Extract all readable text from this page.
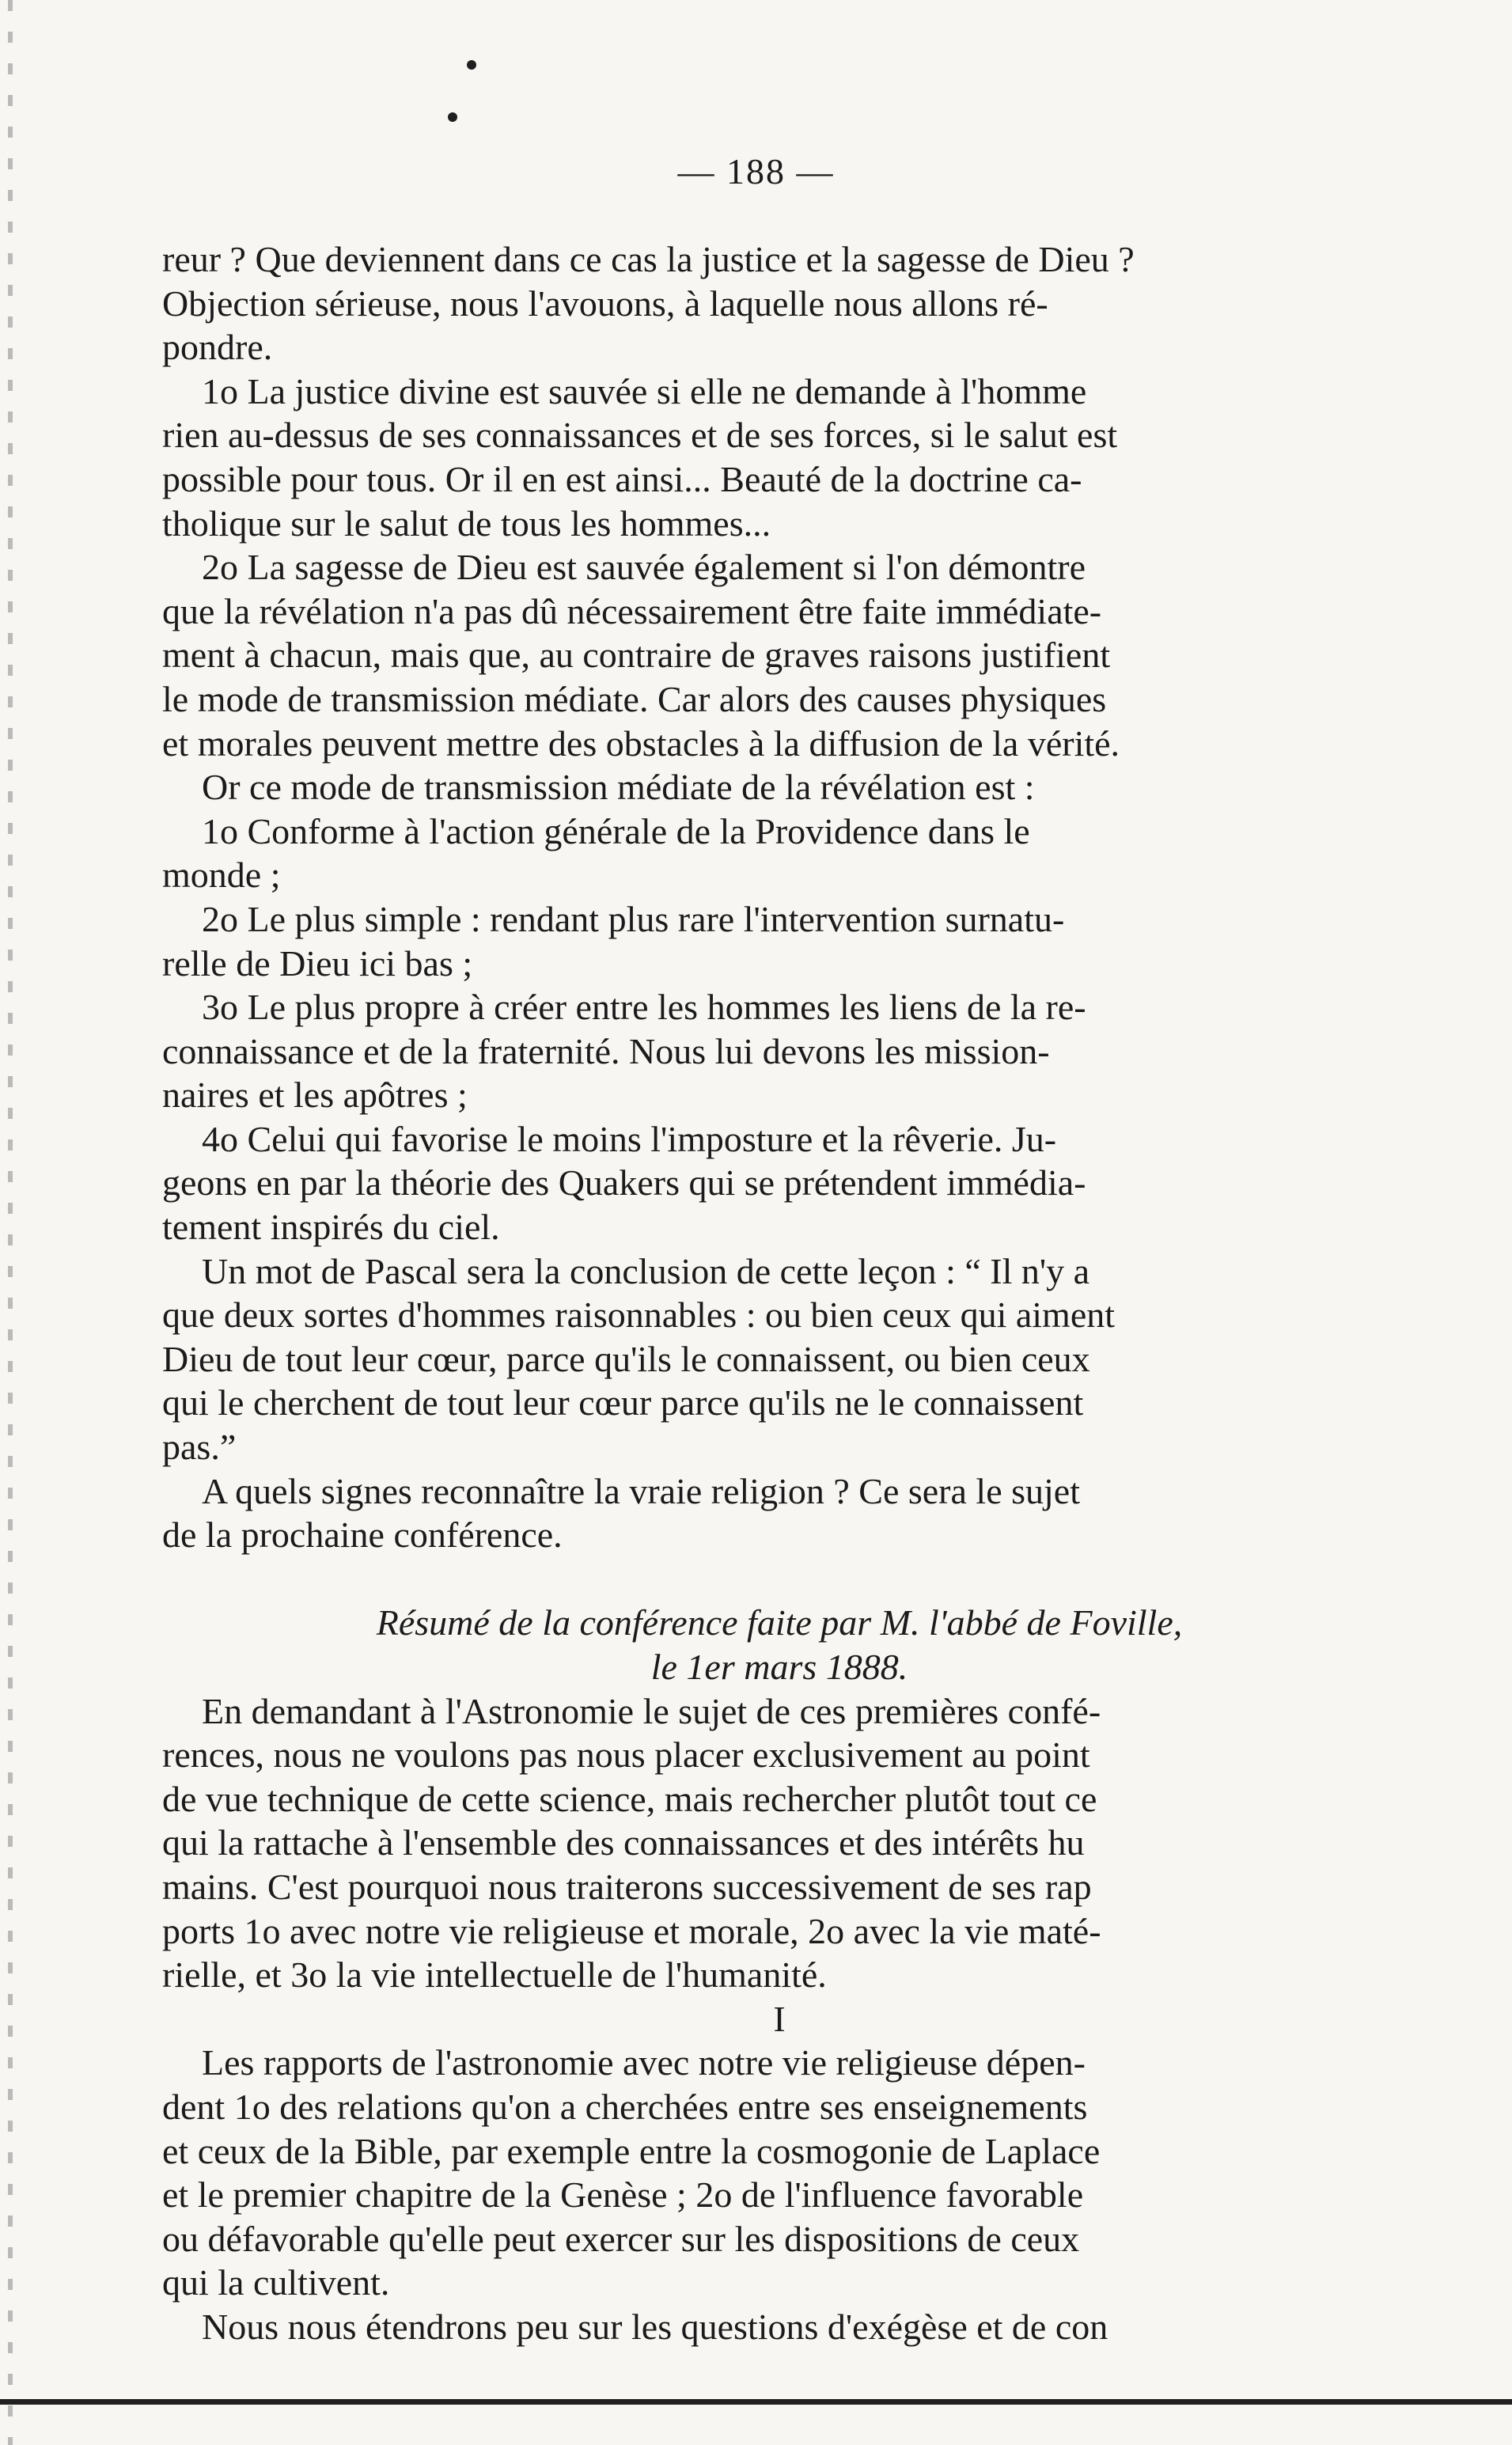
— 188 —
reur ? Que deviennent dans ce cas la justice et la sagesse de Dieu ?
Objection sérieuse, nous l'avouons, à laquelle nous allons ré-
pondre.
1o La justice divine est sauvée si elle ne demande à l'homme
rien au-dessus de ses connaissances et de ses forces, si le salut est
possible pour tous. Or il en est ainsi... Beauté de la doctrine ca-
tholique sur le salut de tous les hommes...
2o La sagesse de Dieu est sauvée également si l'on démontre
que la révélation n'a pas dû nécessairement être faite immédiate-
ment à chacun, mais que, au contraire de graves raisons justifient
le mode de transmission médiate. Car alors des causes physiques
et morales peuvent mettre des obstacles à la diffusion de la vérité.
Or ce mode de transmission médiate de la révélation est :
1o Conforme à l'action générale de la Providence dans le
monde ;
2o Le plus simple : rendant plus rare l'intervention surnatu-
relle de Dieu ici bas ;
3o Le plus propre à créer entre les hommes les liens de la re-
connaissance et de la fraternité. Nous lui devons les mission-
naires et les apôtres ;
4o Celui qui favorise le moins l'imposture et la rêverie. Ju-
geons en par la théorie des Quakers qui se prétendent immédia-
tement inspirés du ciel.
Un mot de Pascal sera la conclusion de cette leçon : “ Il n'y a
que deux sortes d'hommes raisonnables : ou bien ceux qui aiment
Dieu de tout leur cœur, parce qu'ils le connaissent, ou bien ceux
qui le cherchent de tout leur cœur parce qu'ils ne le connaissent
pas.”
A quels signes reconnaître la vraie religion ? Ce sera le sujet
de la prochaine conférence.
Résumé de la conférence faite par M. l'abbé de Foville,
le 1er mars 1888.
En demandant à l'Astronomie le sujet de ces premières confé-
rences, nous ne voulons pas nous placer exclusivement au point
de vue technique de cette science, mais rechercher plutôt tout ce
qui la rattache à l'ensemble des connaissances et des intérêts hu
mains. C'est pourquoi nous traiterons successivement de ses rap
ports 1o avec notre vie religieuse et morale, 2o avec la vie maté-
rielle, et 3o la vie intellectuelle de l'humanité.
I
Les rapports de l'astronomie avec notre vie religieuse dépen-
dent 1o des relations qu'on a cherchées entre ses enseignements
et ceux de la Bible, par exemple entre la cosmogonie de Laplace
et le premier chapitre de la Genèse ; 2o de l'influence favorable
ou défavorable qu'elle peut exercer sur les dispositions de ceux
qui la cultivent.
Nous nous étendrons peu sur les questions d'exégèse et de con
